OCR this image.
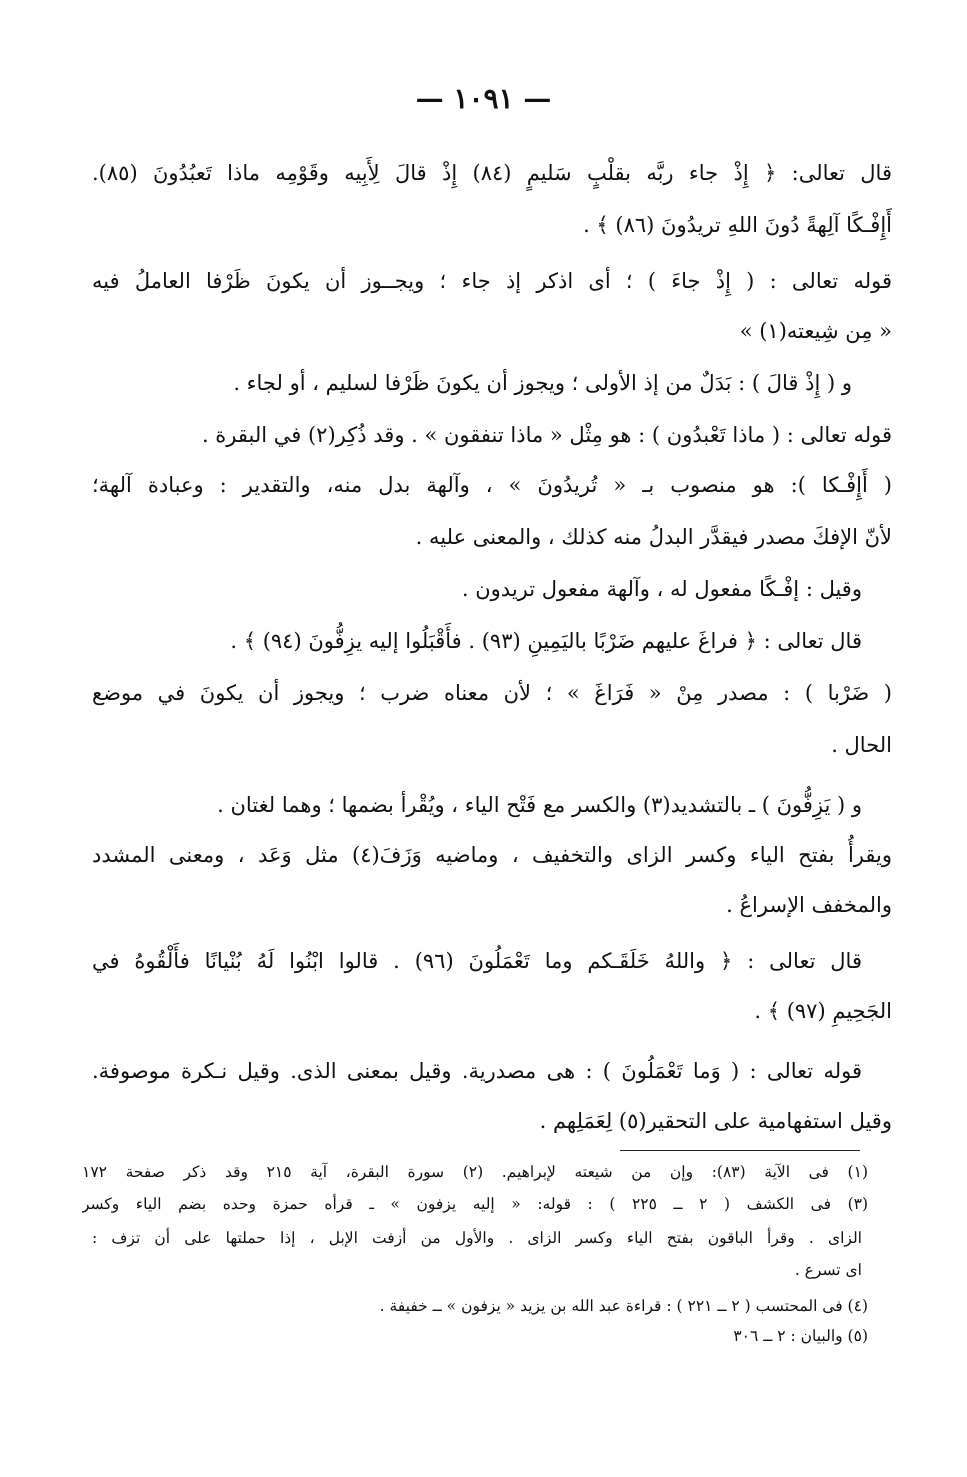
— ١٠٩١ —
قال تعالى: ﴿ إِذْ جاء ربَّه بقلْبٍ سَليمٍ (٨٤) إِذْ قالَ لِأَبِيه وقَوْمِه ماذا تَعبُدُونَ (٨٥).
أَإِفْـكًا آلِهةً دُونَ اللهِ تريدُونَ (٨٦) ﴾ .
قوله تعالى : ( إِذْ جاءَ ) ؛ أى اذكر إذ جاء ؛ ويجــوز أن يكونَ ظَرْفا العاملُ فيه
« مِن شِيعته(١) »
و ( إِذْ قالَ ) : بَدَلٌ من إذ الأولى ؛ ويجوز أن يكونَ ظَرْفا لسليم ، أو لجاء .
قوله تعالى : ( ماذا تَعْبدُون ) : هو مِثْل « ماذا تنفقون » . وقد ذُكِر(٢) في البقرة .
( أَإِفْـكا ): هو منصوب بـ « تُريدُونَ » ، وآلهة بدل منه، والتقدير : وعبادة آلهة؛
لأنّ الإفكَ مصدر فيقدَّر البدلُ منه كذلك ، والمعنى عليه .
وقيل : إفْـكًا مفعول له ، وآلهة مفعول تريدون .
قال تعالى : ﴿ فراغَ عليهم ضَرْبًا باليَمِينِ (٩٣) . فأَقْبَلُوا إليه يزِفُّونَ (٩٤) ﴾ .
( ضَرْبا ) : مصدر مِنْ « فَرَاغَ » ؛ لأن معناه ضرب ؛ ويجوز أن يكونَ في موضع
الحال .
و ( يَزِفُّونَ ) ـ بالتشديد(٣) والكسر مع فَتْح الياء ، ويُقْرأ بضمها ؛ وهما لغتان .
ويقرأُ بفتح الياء وكسر الزاى والتخفيف ، وماضيه وَزَفَ(٤) مثل وَعَد ، ومعنى المشدد
والمخفف الإسراعُ .
قال تعالى : ﴿ واللهُ خَلَقَـكم وما تَعْمَلُونَ (٩٦) . قالوا ابْنُوا لَهُ بُنْيانًا فأَلْقُوهُ في
الجَحِيمِ (٩٧) ﴾ .
قوله تعالى : ( وَما تَعْمَلُونَ ) : هى مصدرية. وقيل بمعنى الذى. وقيل نـكرة موصوفة.
وقيل استفهامية على التحقير(٥) لِعَمَلِهم .
(١) فى الآية (٨٣): وإن من شيعته لإبراهيم. (٢) سورة البقرة، آية ٢١٥ وقد ذكر صفحة ١٧٢
(٣) فى الكشف ( ٢ ــ ٢٢٥ ) : قوله: « إليه يزفون » ـ قرأه حمزة وحده بضم الياء وكسر
الزاى . وقرأ الباقون بفتح الياء وكسر الزاى . والأول من أزفت الإبل ، إذا حملتها على أن تزف :
اى تسرع .
(٤) فى المحتسب ( ٢ ــ ٢٢١ ) : قراءة عبد الله بن يزيد « يزفون » ــ خفيفة .
(٥) والبيان : ٢ ــ ٣٠٦
